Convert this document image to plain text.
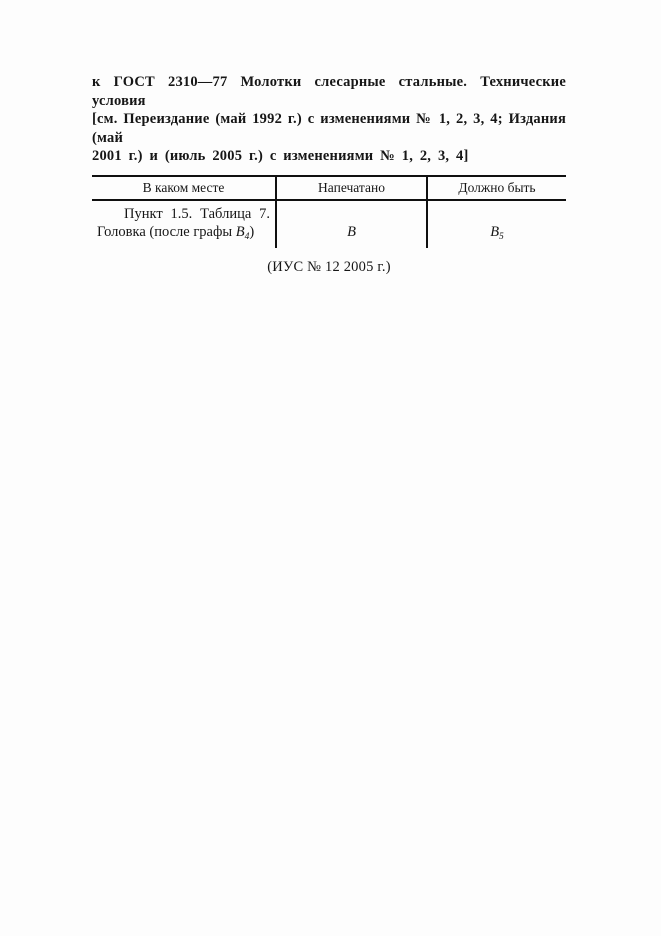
к ГОСТ 2310—77 Молотки слесарные стальные. Технические условия
[см. Переиздание (май 1992 г.) с изменениями № 1, 2, 3, 4; Издания (май
2001 г.) и (июль 2005 г.) с изменениями № 1, 2, 3, 4]
В каком месте	Напечатано	Должно быть

Пункт 1.5. Таблица 7.
Головка (после графы $В_4$)	В	$В_5$
(ИУС № 12 2005 г.)
